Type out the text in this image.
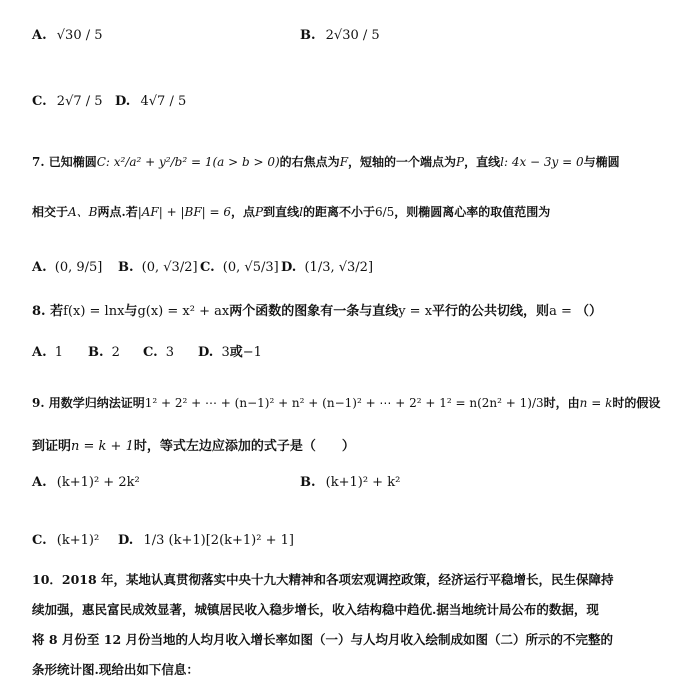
A. √30 / 5	B. 2√30 / 5
C. 2√7 / 5 D. 4√7 / 5
7. 已知椭圆C: x²/a² + y²/b² = 1(a > b > 0)的右焦点为F，短轴的一个端点为P，直线l: 4x − 3y = 0与椭圆
相交于A、B两点.若|AF| + |BF| = 6，点P到直线l的距离不小于6/5，则椭圆离心率的取值范围为
A. (0, 9/5] B. (0, √3/2] C. (0, √5/3] D. (1/3, √3/2]
8. 若f(x) = lnx与g(x) = x² + ax两个函数的图象有一条与直线y = x平行的公共切线，则a = （）
A. 1 B. 2 C. 3 D. 3或−1
9. 用数学归纳法证明1² + 2² + ⋯ + (n−1)² + n² + (n−1)² + ⋯ + 2² + 1² = n(2n² + 1)/3时，由n = k时的假设
到证明n = k + 1时，等式左边应添加的式子是（　　）
A. (k+1)² + 2k²	B. (k+1)² + k²
C. (k+1)² D. 1/3 (k+1)[2(k+1)² + 1]
10．2018 年，某地认真贯彻落实中央十九大精神和各项宏观调控政策，经济运行平稳增长，民生保障持
续加强，惠民富民成效显著，城镇居民收入稳步增长，收入结构稳中趋优.据当地统计局公布的数据，现
将 8 月份至 12 月份当地的人均月收入增长率如图（一）与人均月收入绘制成如图（二）所示的不完整的
条形统计图.现给出如下信息：
